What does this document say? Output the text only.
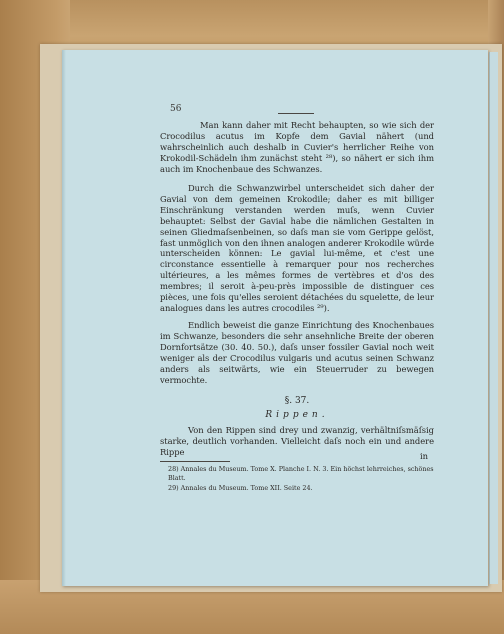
56
Man kann daher mit Recht behaupten, so wie sich der Crocodilus acutus im Kopfe dem Gavial nähert (und wahrscheinlich auch deshalb in Cuvier's herrlicher Reihe von Krokodil-Schädeln ihm zunächst steht ²⁸), so nähert er sich ihm auch im Knochenbaue des Schwanzes.
Durch die Schwanzwirbel unterscheidet sich daher der Gavial von dem gemeinen Krokodile; daher es mit billiger Einschränkung verstanden werden muſs, wenn Cuvier behauptet: Selbst der Gavial habe die nämlichen Gestalten in seinen Gliedmaſsenbeinen, so daſs man sie vom Gerippe gelöst, fast unmöglich von den ihnen analogen anderer Krokodile würde unterscheiden können: Le gavial lui-même, et c'est une circonstance essentielle à remarquer pour nos recherches ultérieures, a les mêmes formes de vertèbres et d'os des membres; il seroit à-peu-près impossible de distinguer ces pièces, une fois qu'elles seroient détachées du squelette, de leur analogues dans les autres crocodiles ²⁹).
Endlich beweist die ganze Einrichtung des Knochenbaues im Schwanze, besonders die sehr ansehnliche Breite der oberen Dornfortsätze (30. 40. 50.), daſs unser fossiler Gavial noch weit weniger als der Crocodilus vulgaris und acutus seinen Schwanz anders als seitwärts, wie ein Steuerruder zu bewegen vermochte.
§. 37.
Rippen.
Von den Rippen sind drey und zwanzig, verhältniſsmäſsig starke, deutlich vorhanden. Vielleicht daſs noch ein und andere Rippe	in
28) Annales du Museum. Tome X. Planche I. N. 3. Ein höchst lehrreiches, schönes Blatt.
29) Annales du Museum. Tome XII. Seite 24.
